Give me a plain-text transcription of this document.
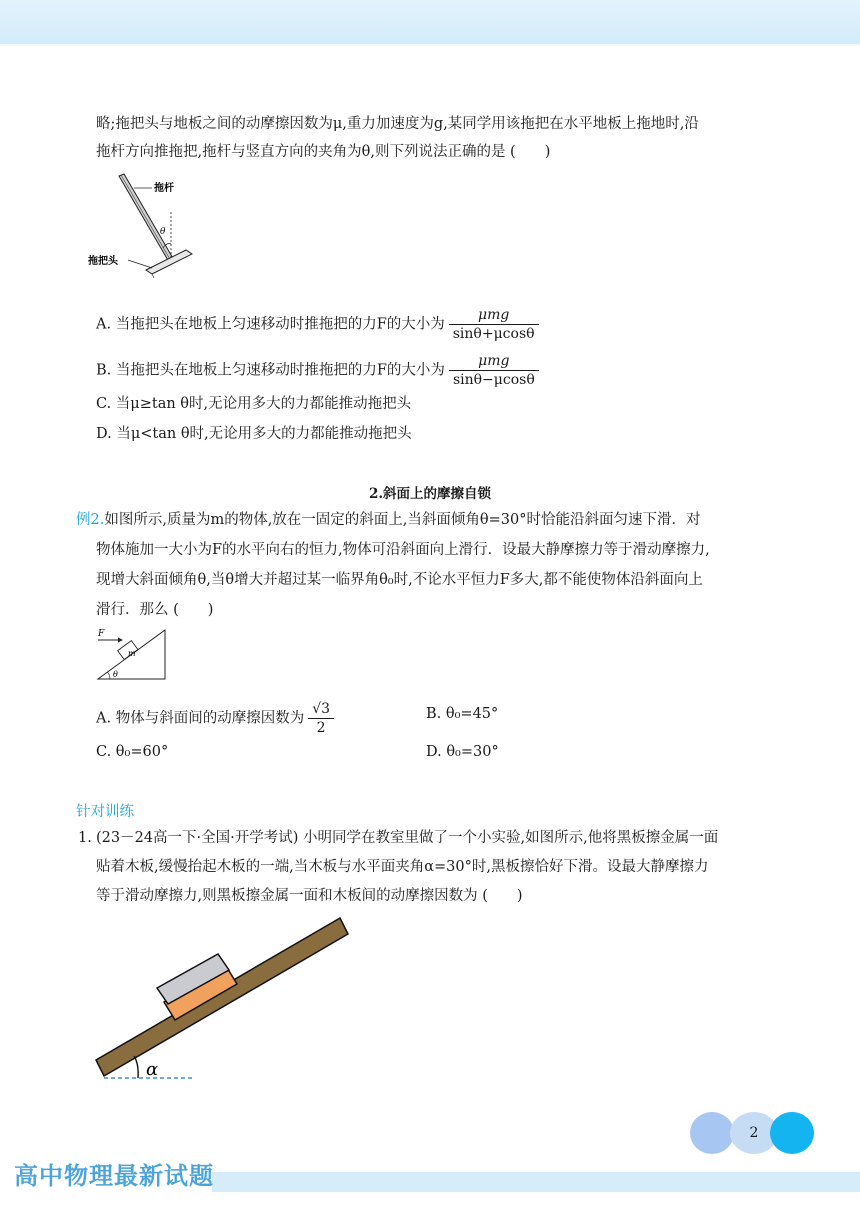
略;拖把头与地板之间的动摩擦因数为μ,重力加速度为g,某同学用该拖把在水平地板上拖地时,沿
拖杆方向推拖把,拖杆与竖直方向的夹角为θ,则下列说法正确的是 (　　)
拖杆
拖把头
θ
A. 当拖把头在地板上匀速移动时推拖把的力F的大小为 $\frac{\text{μmg}}{\sin\theta+\mu\cos\theta}$
B. 当拖把头在地板上匀速移动时推拖把的力F的大小为 $\frac{\text{μmg}}{\sin\theta-\mu\cos\theta}$
C. 当μ≥tan θ时,无论用多大的力都能推动拖把头
D. 当μ<tan θ时,无论用多大的力都能推动拖把头
2.斜面上的摩擦自锁
例2.如图所示,质量为m的物体,放在一固定的斜面上,当斜面倾角θ=30°时恰能沿斜面匀速下滑．对
物体施加一大小为F的水平向右的恒力,物体可沿斜面向上滑行．设最大静摩擦力等于滑动摩擦力,
现增大斜面倾角θ,当θ增大并超过某一临界角θ₀时,不论水平恒力F多大,都不能使物体沿斜面向上
滑行．那么 (　　)
F
m
θ
A. 物体与斜面间的动摩擦因数为 $\frac{√3}{2}$	B. θ₀=45°
C. θ₀=60°	D. θ₀=30°
针对训练
1. (23－24高一下·全国·开学考试) 小明同学在教室里做了一个小实验,如图所示,他将黑板擦金属一面
贴着木板,缓慢抬起木板的一端,当木板与水平面夹角α=30°时,黑板擦恰好下滑。设最大静摩擦力
等于滑动摩擦力,则黑板擦金属一面和木板间的动摩擦因数为 (　　)
α
2
高中物理最新试题
